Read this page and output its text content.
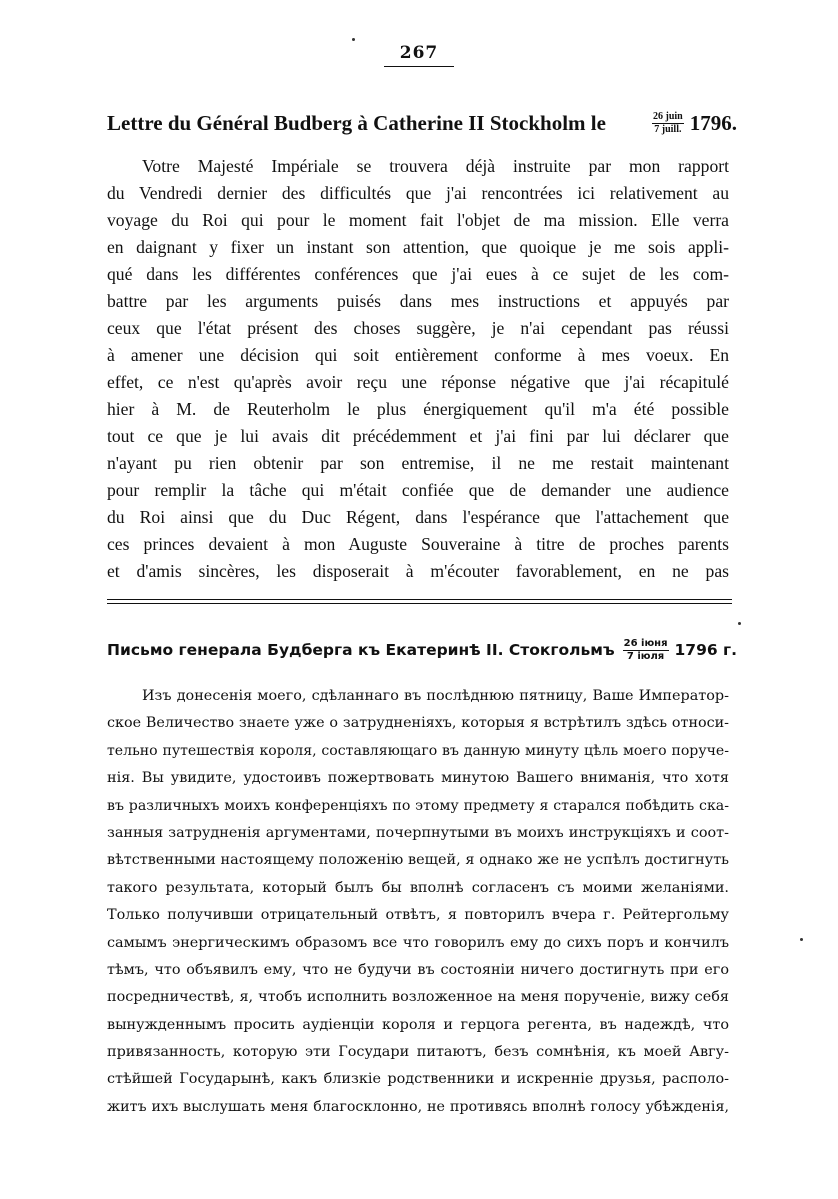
267
Lettre du Général Budberg à Catherine II Stockholm le	$\frac{\text{26 juin}}{\text{7 juill.}} 1796$.
Votre Majesté Impériale se trouvera déjà instruite par mon rapport
du Vendredi dernier des difficultés que j'ai rencontrées ici relativement au
voyage du Roi qui pour le moment fait l'objet de ma mission. Elle verra
en daignant y fixer un instant son attention, que quoique je me sois appli-
qué dans les différentes conférences que j'ai eues à ce sujet de les com-
battre par les arguments puisés dans mes instructions et appuyés par
ceux que l'état présent des choses suggère, je n'ai cependant pas réussi
à amener une décision qui soit entièrement conforme à mes voeux. En
effet, ce n'est qu'après avoir reçu une réponse négative que j'ai récapitulé
hier à M. de Reuterholm le plus énergiquement qu'il m'a été possible
tout ce que je lui avais dit précédemment et j'ai fini par lui déclarer que
n'ayant pu rien obtenir par son entremise, il ne me restait maintenant
pour remplir la tâche qui m'était confiée que de demander une audience
du Roi ainsi que du Duc Régent, dans l'espérance que l'attachement que
ces princes devaient à mon Auguste Souveraine à titre de proches parents
et d'amis sincères, les disposerait à m'écouter favorablement, en ne pas
Письмо генерала Будберга къ Екатеринѣ II. Стокгольмъ $\frac{\text{26 іюня}}{\text{7 іюля}} 1796$ г.
Изъ донесенія моего, сдѣланнаго въ послѣднюю пятницу, Ваше Император-
ское Величество знаете уже о затрудненіяхъ, которыя я встрѣтилъ здѣсь относи-
тельно путешествія короля, составляющаго въ данную минуту цѣль моего поруче-
нія. Вы увидите, удостоивъ пожертвовать минутою Вашего вниманія, что хотя
въ различныхъ моихъ конференціяхъ по этому предмету я старался побѣдить ска-
занныя затрудненія аргументами, почерпнутыми въ моихъ инструкціяхъ и соот-
вѣтственными настоящему положенію вещей, я однако же не успѣлъ достигнуть
такого результата, который былъ бы вполнѣ согласенъ съ моими желаніями.
Только получивши отрицательный отвѣтъ, я повторилъ вчера г. Рейтергольму
самымъ энергическимъ образомъ все что говорилъ ему до сихъ поръ и кончилъ
тѣмъ, что объявилъ ему, что не будучи въ состояніи ничего достигнуть при его
посредничествѣ, я, чтобъ исполнить возложенное на меня порученіе, вижу себя
вынужденнымъ просить аудіенціи короля и герцога регента, въ надеждѣ, что
привязанность, которую эти Государи питаютъ, безъ сомнѣнія, къ моей Авгу-
стѣйшей Государынѣ, какъ близкіе родственники и искренніе друзья, располо-
житъ ихъ выслушать меня благосклонно, не противясь вполнѣ голосу убѣжденія,
